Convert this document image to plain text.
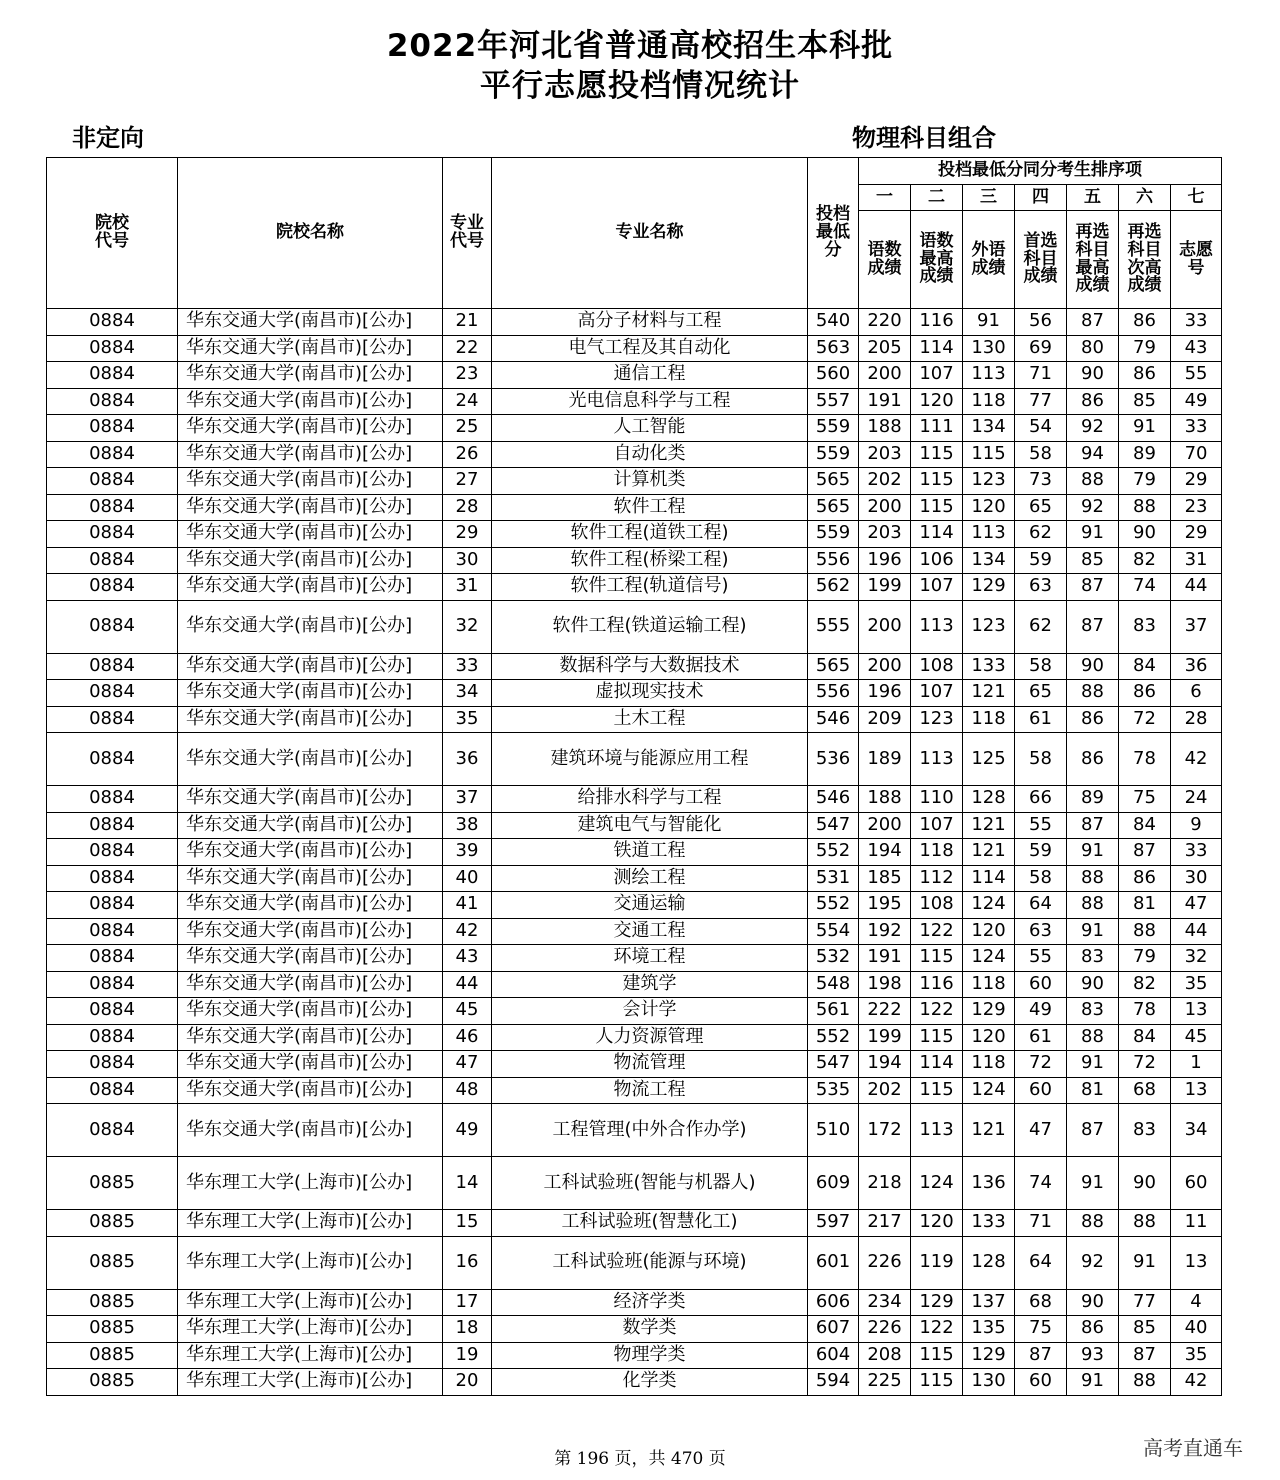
2022年河北省普通高校招生本科批
平行志愿投档情况统计
非定向	物理科目组合
院校代号	院校名称	专业代号	专业名称	投档最低分	投档最低分同分考生排序项						
					一	二	三	四	五	六	七
					语数成绩	语数最高成绩	外语成绩	首选科目成绩	再选科目最高成绩	再选科目次高成绩	志愿号
0884	华东交通大学(南昌市)[公办]	21	高分子材料与工程	540	220	116	91	56	87	86	33
0884	华东交通大学(南昌市)[公办]	22	电气工程及其自动化	563	205	114	130	69	80	79	43
0884	华东交通大学(南昌市)[公办]	23	通信工程	560	200	107	113	71	90	86	55
0884	华东交通大学(南昌市)[公办]	24	光电信息科学与工程	557	191	120	118	77	86	85	49
0884	华东交通大学(南昌市)[公办]	25	人工智能	559	188	111	134	54	92	91	33
0884	华东交通大学(南昌市)[公办]	26	自动化类	559	203	115	115	58	94	89	70
0884	华东交通大学(南昌市)[公办]	27	计算机类	565	202	115	123	73	88	79	29
0884	华东交通大学(南昌市)[公办]	28	软件工程	565	200	115	120	65	92	88	23
0884	华东交通大学(南昌市)[公办]	29	软件工程(道铁工程)	559	203	114	113	62	91	90	29
0884	华东交通大学(南昌市)[公办]	30	软件工程(桥梁工程)	556	196	106	134	59	85	82	31
0884	华东交通大学(南昌市)[公办]	31	软件工程(轨道信号)	562	199	107	129	63	87	74	44
0884	华东交通大学(南昌市)[公办]	32	软件工程(铁道运输工程)	555	200	113	123	62	87	83	37
0884	华东交通大学(南昌市)[公办]	33	数据科学与大数据技术	565	200	108	133	58	90	84	36
0884	华东交通大学(南昌市)[公办]	34	虚拟现实技术	556	196	107	121	65	88	86	6
0884	华东交通大学(南昌市)[公办]	35	土木工程	546	209	123	118	61	86	72	28
0884	华东交通大学(南昌市)[公办]	36	建筑环境与能源应用工程	536	189	113	125	58	86	78	42
0884	华东交通大学(南昌市)[公办]	37	给排水科学与工程	546	188	110	128	66	89	75	24
0884	华东交通大学(南昌市)[公办]	38	建筑电气与智能化	547	200	107	121	55	87	84	9
0884	华东交通大学(南昌市)[公办]	39	铁道工程	552	194	118	121	59	91	87	33
0884	华东交通大学(南昌市)[公办]	40	测绘工程	531	185	112	114	58	88	86	30
0884	华东交通大学(南昌市)[公办]	41	交通运输	552	195	108	124	64	88	81	47
0884	华东交通大学(南昌市)[公办]	42	交通工程	554	192	122	120	63	91	88	44
0884	华东交通大学(南昌市)[公办]	43	环境工程	532	191	115	124	55	83	79	32
0884	华东交通大学(南昌市)[公办]	44	建筑学	548	198	116	118	60	90	82	35
0884	华东交通大学(南昌市)[公办]	45	会计学	561	222	122	129	49	83	78	13
0884	华东交通大学(南昌市)[公办]	46	人力资源管理	552	199	115	120	61	88	84	45
0884	华东交通大学(南昌市)[公办]	47	物流管理	547	194	114	118	72	91	72	1
0884	华东交通大学(南昌市)[公办]	48	物流工程	535	202	115	124	60	81	68	13
0884	华东交通大学(南昌市)[公办]	49	工程管理(中外合作办学)	510	172	113	121	47	87	83	34
0885	华东理工大学(上海市)[公办]	14	工科试验班(智能与机器人)	609	218	124	136	74	91	90	60
0885	华东理工大学(上海市)[公办]	15	工科试验班(智慧化工)	597	217	120	133	71	88	88	11
0885	华东理工大学(上海市)[公办]	16	工科试验班(能源与环境)	601	226	119	128	64	92	91	13
0885	华东理工大学(上海市)[公办]	17	经济学类	606	234	129	137	68	90	77	4
0885	华东理工大学(上海市)[公办]	18	数学类	607	226	122	135	75	86	85	40
0885	华东理工大学(上海市)[公办]	19	物理学类	604	208	115	129	87	93	87	35
0885	华东理工大学(上海市)[公办]	20	化学类	594	225	115	130	60	91	88	42
第 196 页，共 470 页	高考直通车
